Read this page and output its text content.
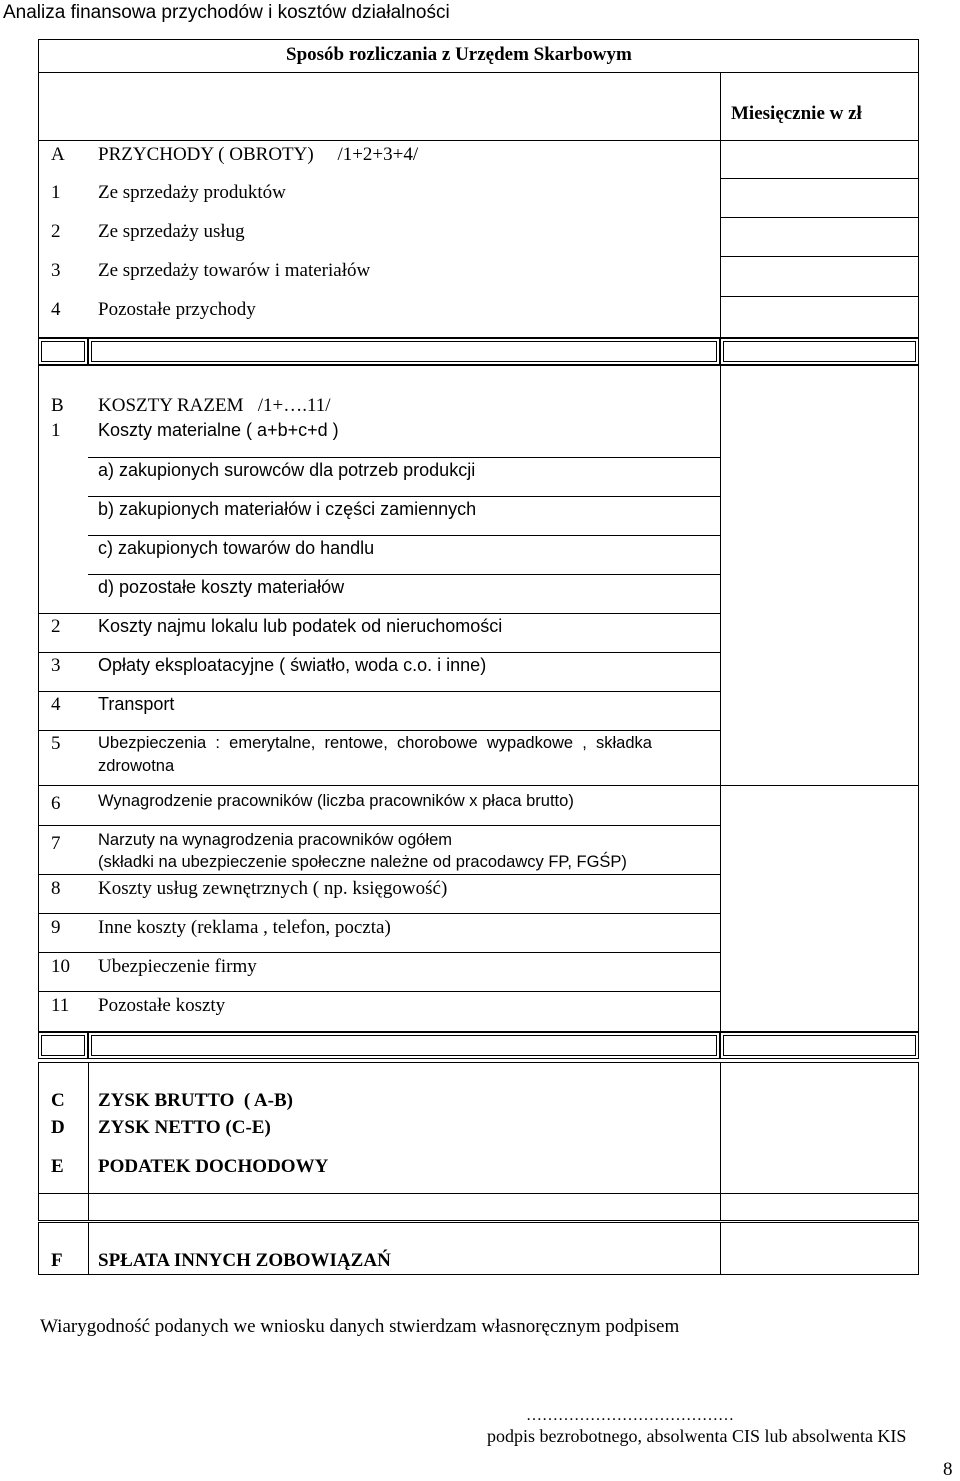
Analiza finansowa przychodów i kosztów działalności
Sposób rozliczania z Urzędem Skarbowym
Miesięcznie w zł
A PRZYCHODY ( OBROTY)     /1+2+3+4/
1 Ze sprzedaży produktów
2 Ze sprzedaży usług
3 Ze sprzedaży towarów i materiałów
4 Pozostałe przychody
B KOSZTY RAZEM   /1+….11/
1 Koszty materialne ( a+b+c+d )
a) zakupionych surowców dla potrzeb produkcji
b) zakupionych materiałów i części zamiennych
c) zakupionych towarów do handlu
d) pozostałe koszty materiałów
2 Koszty najmu lokalu lub podatek od nieruchomości
3 Opłaty eksploatacyjne ( światło, woda c.o. i inne)
4 Transport
5 Ubezpieczenia  :  emerytalne,  rentowe,  chorobowe  wypadkowe  ,  składka
zdrowotna
6 Wynagrodzenie pracowników (liczba pracowników x płaca brutto)
7 Narzuty na wynagrodzenia pracowników ogółem
(składki na ubezpieczenie społeczne należne od pracodawcy FP, FGŚP)
8 Koszty usług zewnętrznych ( np. księgowość)
9 Inne koszty (reklama , telefon, poczta)
10 Ubezpieczenie firmy
11 Pozostałe koszty
C ZYSK BRUTTO  ( A-B)
D ZYSK NETTO (C-E)
E PODATEK DOCHODOWY
F SPŁATA INNYCH ZOBOWIĄZAŃ
Wiarygodność podanych we wniosku danych stwierdzam własnoręcznym podpisem
…………………………………
podpis bezrobotnego, absolwenta CIS lub absolwenta KIS
8
